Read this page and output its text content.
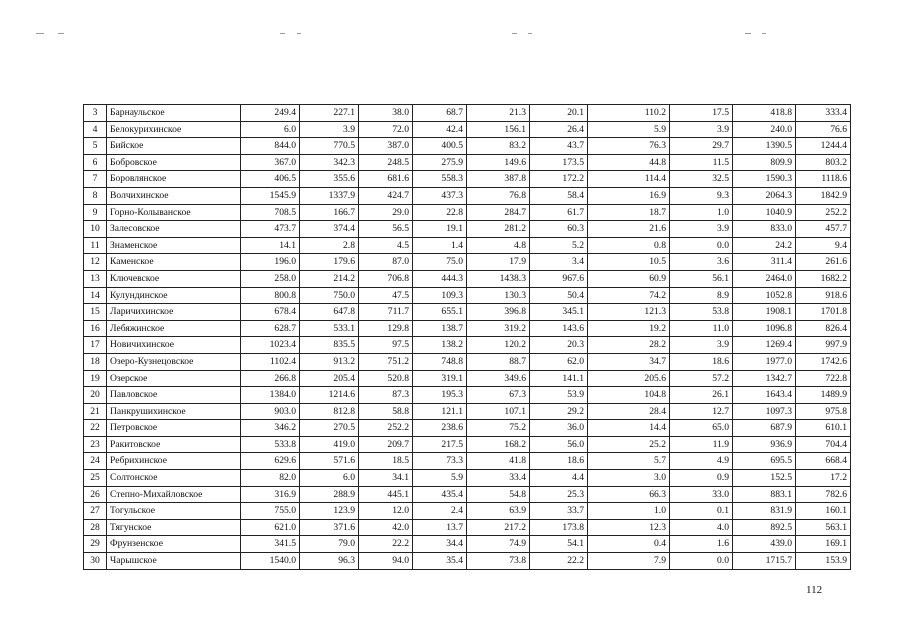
3	Барнаульское	249.4	227.1	38.0	68.7	21.3	20.1	110.2	17.5	418.8	333.4
4	Белокурихинское	6.0	3.9	72.0	42.4	156.1	26.4	5.9	3.9	240.0	76.6
5	Бийское	844.0	770.5	387.0	400.5	83.2	43.7	76.3	29.7	1390.5	1244.4
6	Бобровское	367.0	342.3	248.5	275.9	149.6	173.5	44.8	11.5	809.9	803.2
7	Боровлянское	406.5	355.6	681.6	558.3	387.8	172.2	114.4	32.5	1590.3	1118.6
8	Волчихинское	1545.9	1337.9	424.7	437.3	76.8	58.4	16.9	9.3	2064.3	1842.9
9	Горно-Колыванское	708.5	166.7	29.0	22.8	284.7	61.7	18.7	1.0	1040.9	252.2
10	Залесовское	473.7	374.4	56.5	19.1	281.2	60.3	21.6	3.9	833.0	457.7
11	Знаменское	14.1	2.8	4.5	1.4	4.8	5.2	0.8	0.0	24.2	9.4
12	Каменское	196.0	179.6	87.0	75.0	17.9	3.4	10.5	3.6	311.4	261.6
13	Ключевское	258.0	214.2	706.8	444.3	1438.3	967.6	60.9	56.1	2464.0	1682.2
14	Кулундинское	800.8	750.0	47.5	109.3	130.3	50.4	74.2	8.9	1052.8	918.6
15	Ларичихинское	678.4	647.8	711.7	655.1	396.8	345.1	121.3	53.8	1908.1	1701.8
16	Лебяжинское	628.7	533.1	129.8	138.7	319.2	143.6	19.2	11.0	1096.8	826.4
17	Новичихинское	1023.4	835.5	97.5	138.2	120.2	20.3	28.2	3.9	1269.4	997.9
18	Озеро-Кузнецовское	1102.4	913.2	751.2	748.8	88.7	62.0	34.7	18.6	1977.0	1742.6
19	Озерское	266.8	205.4	520.8	319.1	349.6	141.1	205.6	57.2	1342.7	722.8
20	Павловское	1384.0	1214.6	87.3	195.3	67.3	53.9	104.8	26.1	1643.4	1489.9
21	Панкрушихинское	903.0	812.8	58.8	121.1	107.1	29.2	28.4	12.7	1097.3	975.8
22	Петровское	346.2	270.5	252.2	238.6	75.2	36.0	14.4	65.0	687.9	610.1
23	Ракитовское	533.8	419.0	209.7	217.5	168.2	56.0	25.2	11.9	936.9	704.4
24	Ребрихинское	629.6	571.6	18.5	73.3	41.8	18.6	5.7	4.9	695.5	668.4
25	Солтонское	82.0	6.0	34.1	5.9	33.4	4.4	3.0	0.9	152.5	17.2
26	Степно-Михайловское	316.9	288.9	445.1	435.4	54.8	25.3	66.3	33.0	883.1	782.6
27	Тогульское	755.0	123.9	12.0	2.4	63.9	33.7	1.0	0.1	831.9	160.1
28	Тягунское	621.0	371.6	42.0	13.7	217.2	173.8	12.3	4.0	892.5	563.1
29	Фрунзенское	341.5	79.0	22.2	34.4	74.9	54.1	0.4	1.6	439.0	169.1
30	Чарышское	1540.0	96.3	94.0	35.4	73.8	22.2	7.9	0.0	1715.7	153.9
112
